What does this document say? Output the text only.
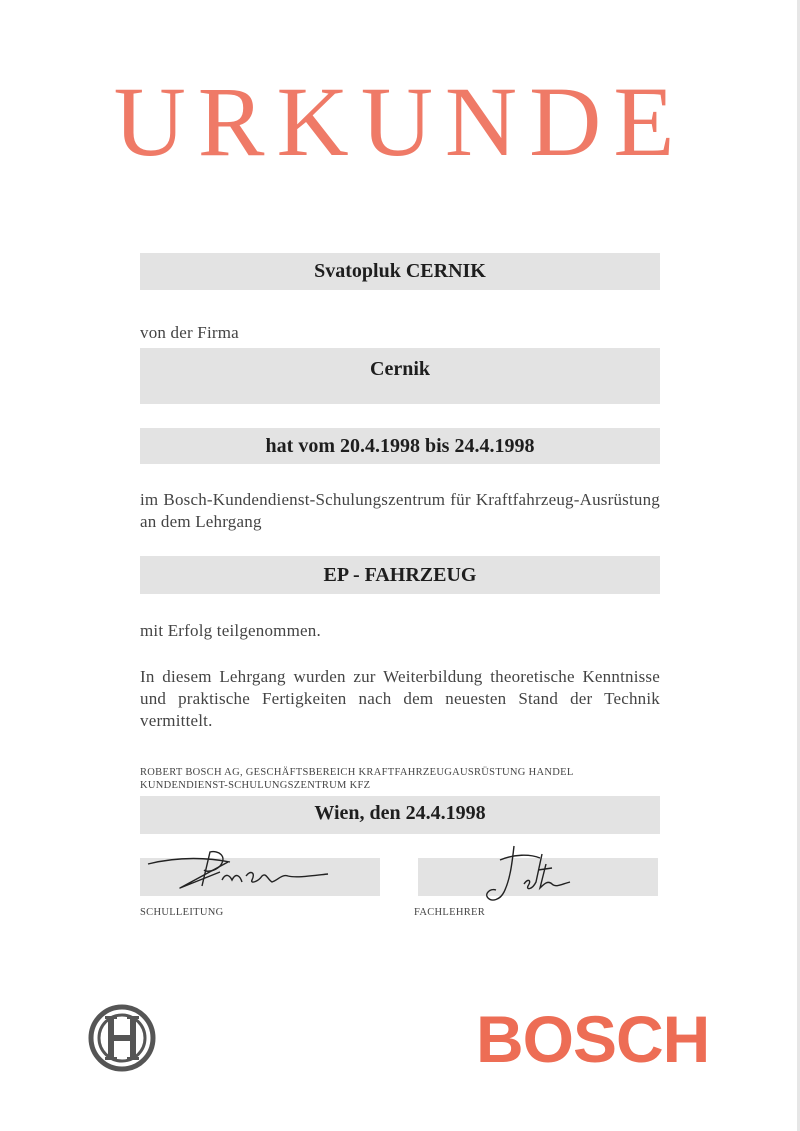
URKUNDE
Svatopluk CERNIK
von der Firma
Cernik
hat vom 20.4.1998 bis 24.4.1998
im Bosch-Kundendienst-Schulungszentrum für Kraftfahrzeug-Ausrüstung an dem Lehrgang
EP - FAHRZEUG
mit Erfolg teilgenommen.
In diesem Lehrgang wurden zur Weiterbildung theoretische Kenntnisse und praktische Fertigkeiten nach dem neuesten Stand der Technik vermittelt.
ROBERT BOSCH AG, GESCHÄFTSBEREICH KRAFTFAHRZEUGAUSRÜSTUNG HANDEL
KUNDENDIENST-SCHULUNGSZENTRUM KFZ
Wien, den 24.4.1998
SCHULLEITUNG	FACHLEHRER
BOSCH
